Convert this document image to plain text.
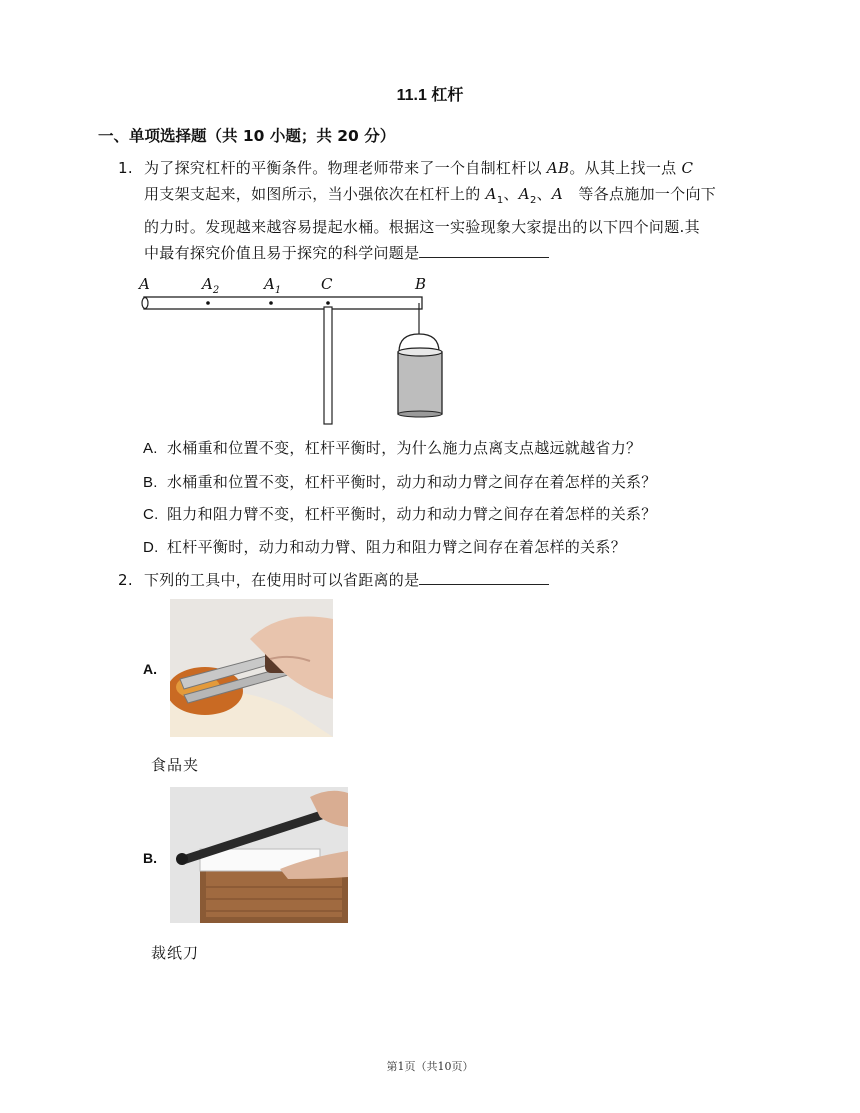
11.1 杠杆
一、单项选择题（共 10 小题；共 20 分）
1. 为了探究杠杆的平衡条件。物理老师带来了一个自制杠杆以 AB。从其上找一点 C
用支架支起来，如图所示，当小强依次在杠杆上的 $A_1$、$A_2$、A　等各点施加一个向下
的力时。发现越来越容易提起水桶。根据这一实验现象大家提出的以下四个问题.其
中最有探究价值且易于探究的科学问题是
A	$A_2$	$A_1$	C	B
A. 水桶重和位置不变，杠杆平衡时，为什么施力点离支点越远就越省力？
B. 水桶重和位置不变，杠杆平衡时，动力和动力臂之间存在着怎样的关系？
C. 阻力和阻力臂不变，杠杆平衡时，动力和动力臂之间存在着怎样的关系？
D. 杠杆平衡时，动力和动力臂、阻力和阻力臂之间存在着怎样的关系？
2. 下列的工具中，在使用时可以省距离的是
A.
食品夹
B.
裁纸刀
第1页（共10页）
